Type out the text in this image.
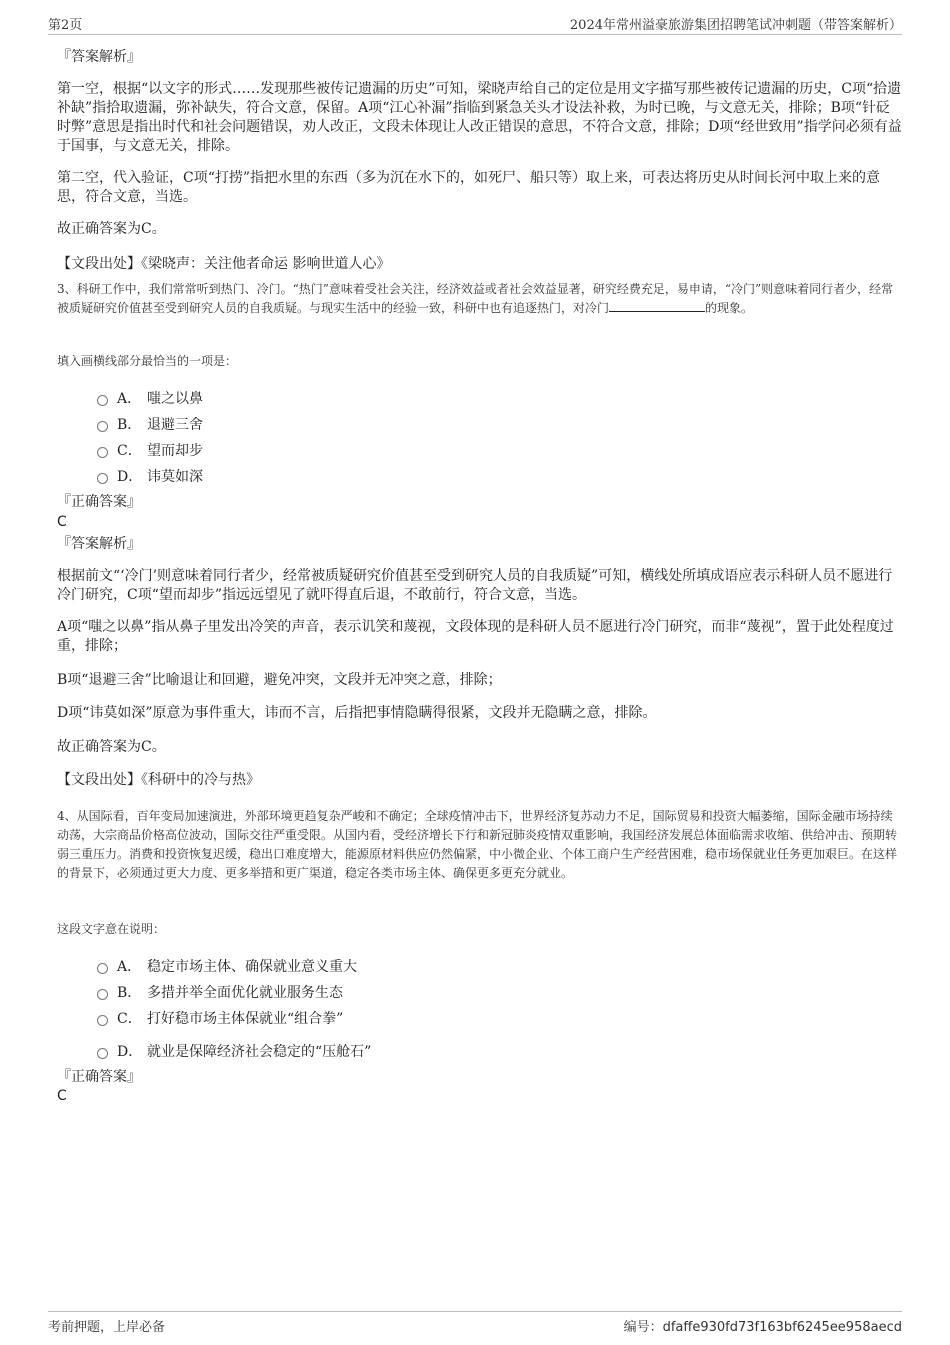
第2页	2024年常州溢豪旅游集团招聘笔试冲刺题（带答案解析）
『答案解析』
第一空，根据“以文字的形式……发现那些被传记遗漏的历史”可知，梁晓声给自己的定位是用文字描写那些被传记遗漏的历史，C项“拾遗补缺”指拾取遗漏，弥补缺失，符合文意，保留。A项“江心补漏”指临到紧急关头才设法补救，为时已晚，与文意无关，排除；B项“针砭时弊”意思是指出时代和社会问题错误，劝人改正，文段未体现让人改正错误的意思，不符合文意，排除；D项“经世致用”指学问必须有益于国事，与文意无关，排除。
第二空，代入验证，C项“打捞”指把水里的东西（多为沉在水下的，如死尸、船只等）取上来，可表达将历史从时间长河中取上来的意思，符合文意，当选。
故正确答案为C。
【文段出处】《梁晓声：关注他者命运 影响世道人心》
3、科研工作中，我们常常听到热门、冷门。“热门”意味着受社会关注，经济效益或者社会效益显著，研究经费充足，易申请，“冷门”则意味着同行者少，经常被质疑研究价值甚至受到研究人员的自我质疑。与现实生活中的经验一致，科研中也有追逐热门，对冷门	的现象。
填入画横线部分最恰当的一项是：
A． 嗤之以鼻
B． 退避三舍
C． 望而却步
D． 讳莫如深
『正确答案』
C
『答案解析』
根据前文“‘冷门’则意味着同行者少，经常被质疑研究价值甚至受到研究人员的自我质疑”可知，横线处所填成语应表示科研人员不愿进行冷门研究，C项“望而却步”指远远望见了就吓得直后退，不敢前行，符合文意，当选。
A项“嗤之以鼻”指从鼻子里发出冷笑的声音，表示讥笑和蔑视，文段体现的是科研人员不愿进行冷门研究，而非“蔑视”，置于此处程度过重，排除；
B项“退避三舍”比喻退让和回避，避免冲突，文段并无冲突之意，排除；
D项“讳莫如深”原意为事件重大，讳而不言，后指把事情隐瞒得很紧，文段并无隐瞒之意，排除。
故正确答案为C。
【文段出处】《科研中的冷与热》
4、从国际看，百年变局加速演进，外部环境更趋复杂严峻和不确定；全球疫情冲击下，世界经济复苏动力不足，国际贸易和投资大幅萎缩，国际金融市场持续动荡，大宗商品价格高位波动，国际交往严重受限。从国内看，受经济增长下行和新冠肺炎疫情双重影响，我国经济发展总体面临需求收缩、供给冲击、预期转弱三重压力。消费和投资恢复迟缓，稳出口难度增大，能源原材料供应仍然偏紧，中小微企业、个体工商户生产经营困难，稳市场保就业任务更加艰巨。在这样的背景下，必须通过更大力度、更多举措和更广渠道，稳定各类市场主体、确保更多更充分就业。
这段文字意在说明：
A． 稳定市场主体、确保就业意义重大
B． 多措并举全面优化就业服务生态
C． 打好稳市场主体保就业“组合拳”
D． 就业是保障经济社会稳定的“压舱石”
『正确答案』
C
考前押题，上岸必备	编号：dfaffe930fd73f163bf6245ee958aecd
